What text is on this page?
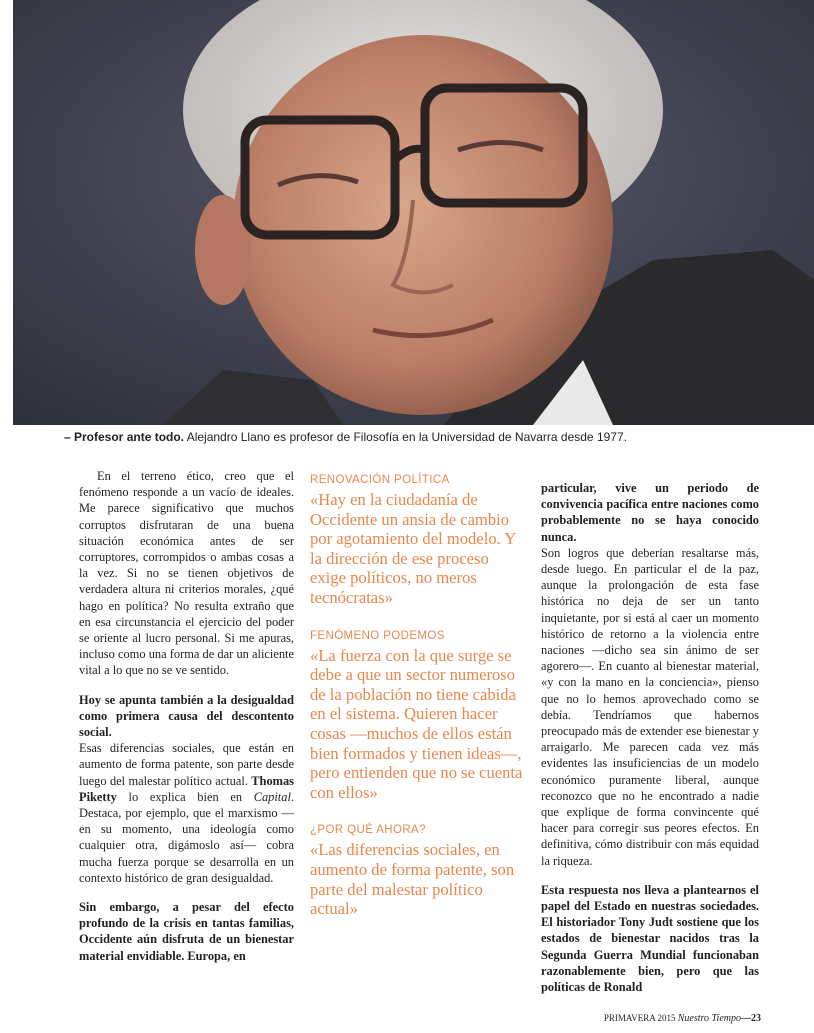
– Profesor ante todo. Alejandro Llano es profesor de Filosofía en la Universidad de Navarra desde 1977.

En el terreno ético, creo que el fenómeno responde a un vacío de ideales. Me parece significativo que muchos corruptos disfrutaran de una buena situación económica antes de ser corruptores, corrompidos o ambas cosas a la vez. Si no se tienen objetivos de verdadera altura ni criterios morales, ¿qué hago en política? No resulta extraño que en esa circunstancia el ejercicio del poder se oriente al lucro personal. Si me apuras, incluso como una forma de dar un aliciente vital a lo que no se ve sentido.

Hoy se apunta también a la desigualdad como primera causa del descontento social.

Esas diferencias sociales, que están en aumento de forma patente, son parte desde luego del malestar político actual. Thomas Piketty lo explica bien en Capital. Destaca, por ejemplo, que el marxismo —en su momento, una ideología como cualquier otra, digámoslo así— cobra mucha fuerza porque se desarrolla en un contexto histórico de gran desigualdad.

Sin embargo, a pesar del efecto profundo de la crisis en tantas familias, Occidente aún disfruta de un bienestar material envidiable. Europa, en

RENOVACIÓN POLÍTICA
«Hay en la ciudadanía de Occidente un ansia de cambio por agotamiento del modelo. Y la dirección de ese proceso exige políticos, no meros tecnócratas»
FENÓMENO PODEMOS
«La fuerza con la que surge se debe a que un sector numeroso de la población no tiene cabida en el sistema. Quieren hacer cosas —muchos de ellos están bien formados y tienen ideas—, pero entienden que no se cuenta con ellos»
¿POR QUÉ AHORA?
«Las diferencias sociales, en aumento de forma patente, son parte del malestar político actual»

particular, vive un periodo de convivencia pacífica entre naciones como probablemente no se haya conocido nunca.

Son logros que deberían resaltarse más, desde luego. En particular el de la paz, aunque la prolongación de esta fase histórica no deja de ser un tanto inquietante, por si está al caer un momento histórico de retorno a la violencia entre naciones —dicho sea sin ánimo de ser agorero—. En cuanto al bienestar material, «y con la mano en la conciencia», pienso que no lo hemos aprovechado como se debía. Tendríamos que habernos preocupado más de extender ese bienestar y arraigarlo. Me parecen cada vez más evidentes las insuficiencias de un modelo económico puramente liberal, aunque reconozco que no he encontrado a nadie que explique de forma convincente qué hacer para corregir sus peores efectos. En definitiva, cómo distribuir con más equidad la riqueza.

Esta respuesta nos lleva a plantearnos el papel del Estado en nuestras sociedades. El historiador Tony Judt sostiene que los estados de bienestar nacidos tras la Segunda Guerra Mundial funcionaban razonablemente bien, pero que las políticas de Ronald

PRIMAVERA 2015 Nuestro Tiempo—23
